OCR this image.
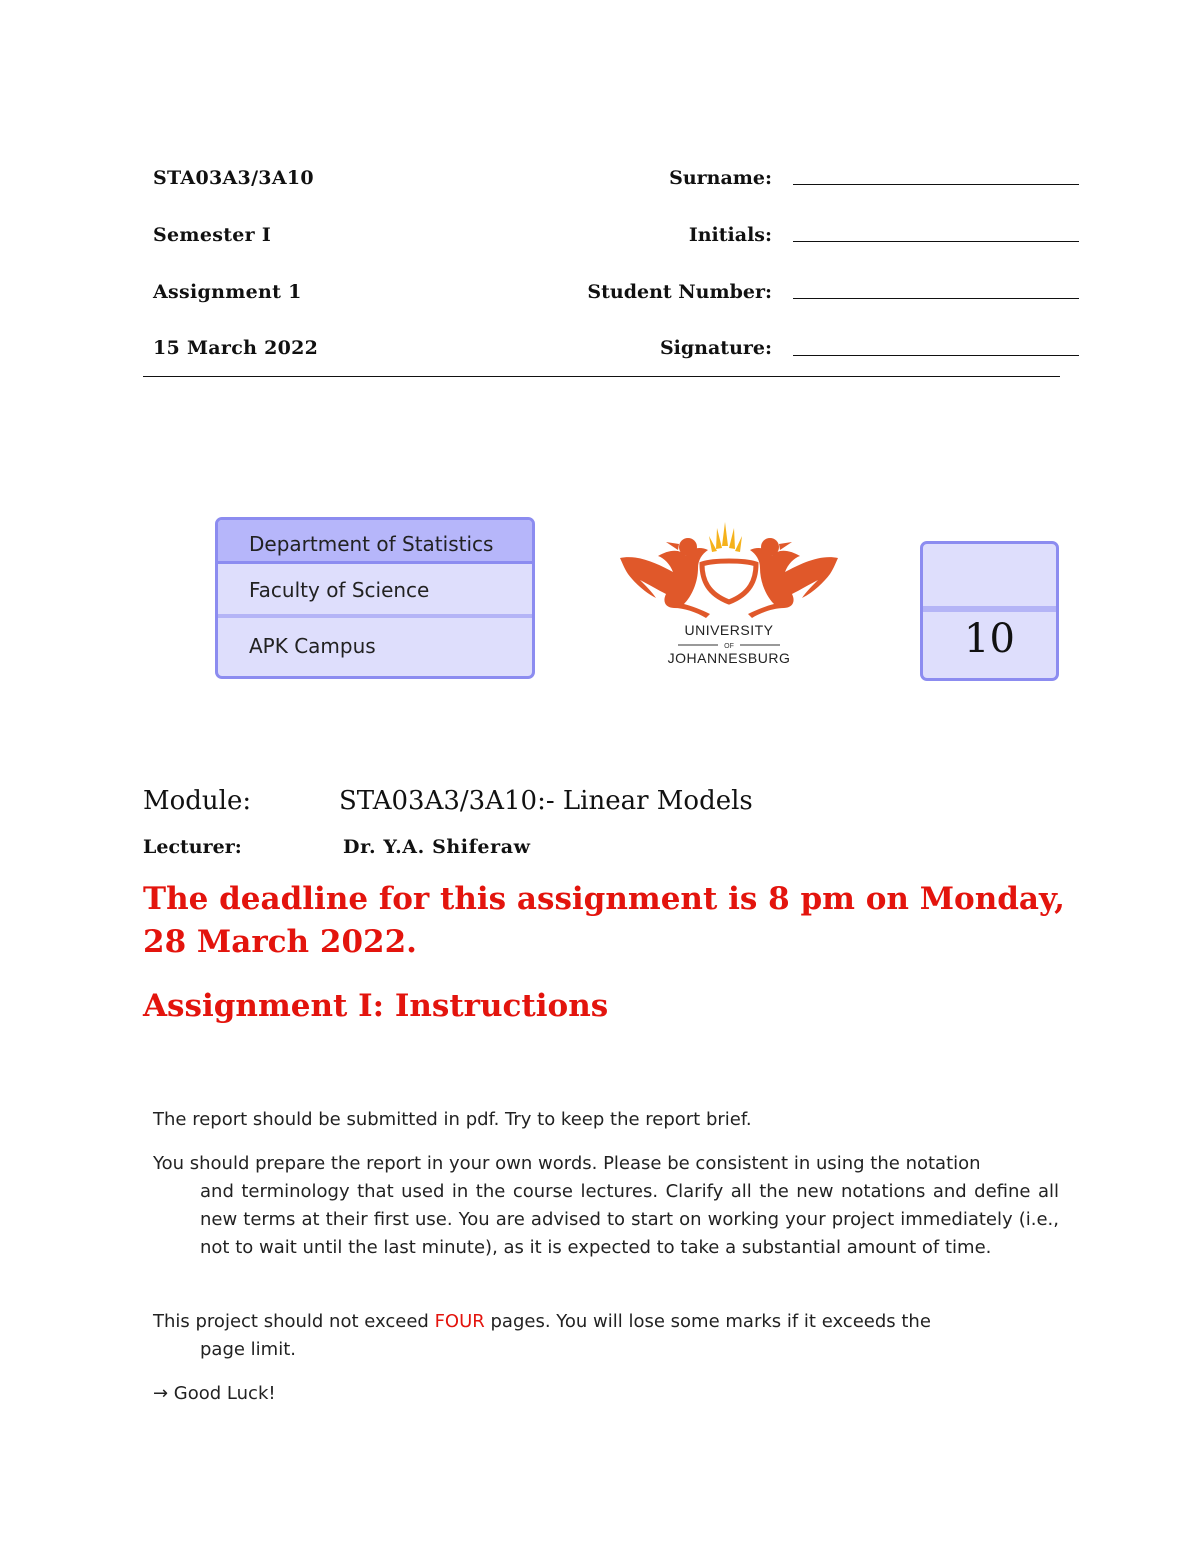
STA03A3/3A10
Semester I
Assignment 1
15 March 2022
Surname:
Initials:
Student Number:
Signature:
Department of Statistics
Faculty of Science
APK Campus
UNIVERSITY
OF
JOHANNESBURG	10
Module:	STA03A3/3A10:- Linear Models
Lecturer:	Dr. Y.A. Shiferaw
The deadline for this assignment is 8 pm on Monday, 28 March 2022.
Assignment I: Instructions
The report should be submitted in pdf. Try to keep the report brief.
You should prepare the report in your own words. Please be consistent in using the notation
and terminology that used in the course lectures. Clarify all the new notations and define all new terms at their first use. You are advised to start on working your project immediately (i.e., not to wait until the last minute), as it is expected to take a substantial amount of time.
This project should not exceed FOUR pages. You will lose some marks if it exceeds the
page limit.
→ Good Luck!
